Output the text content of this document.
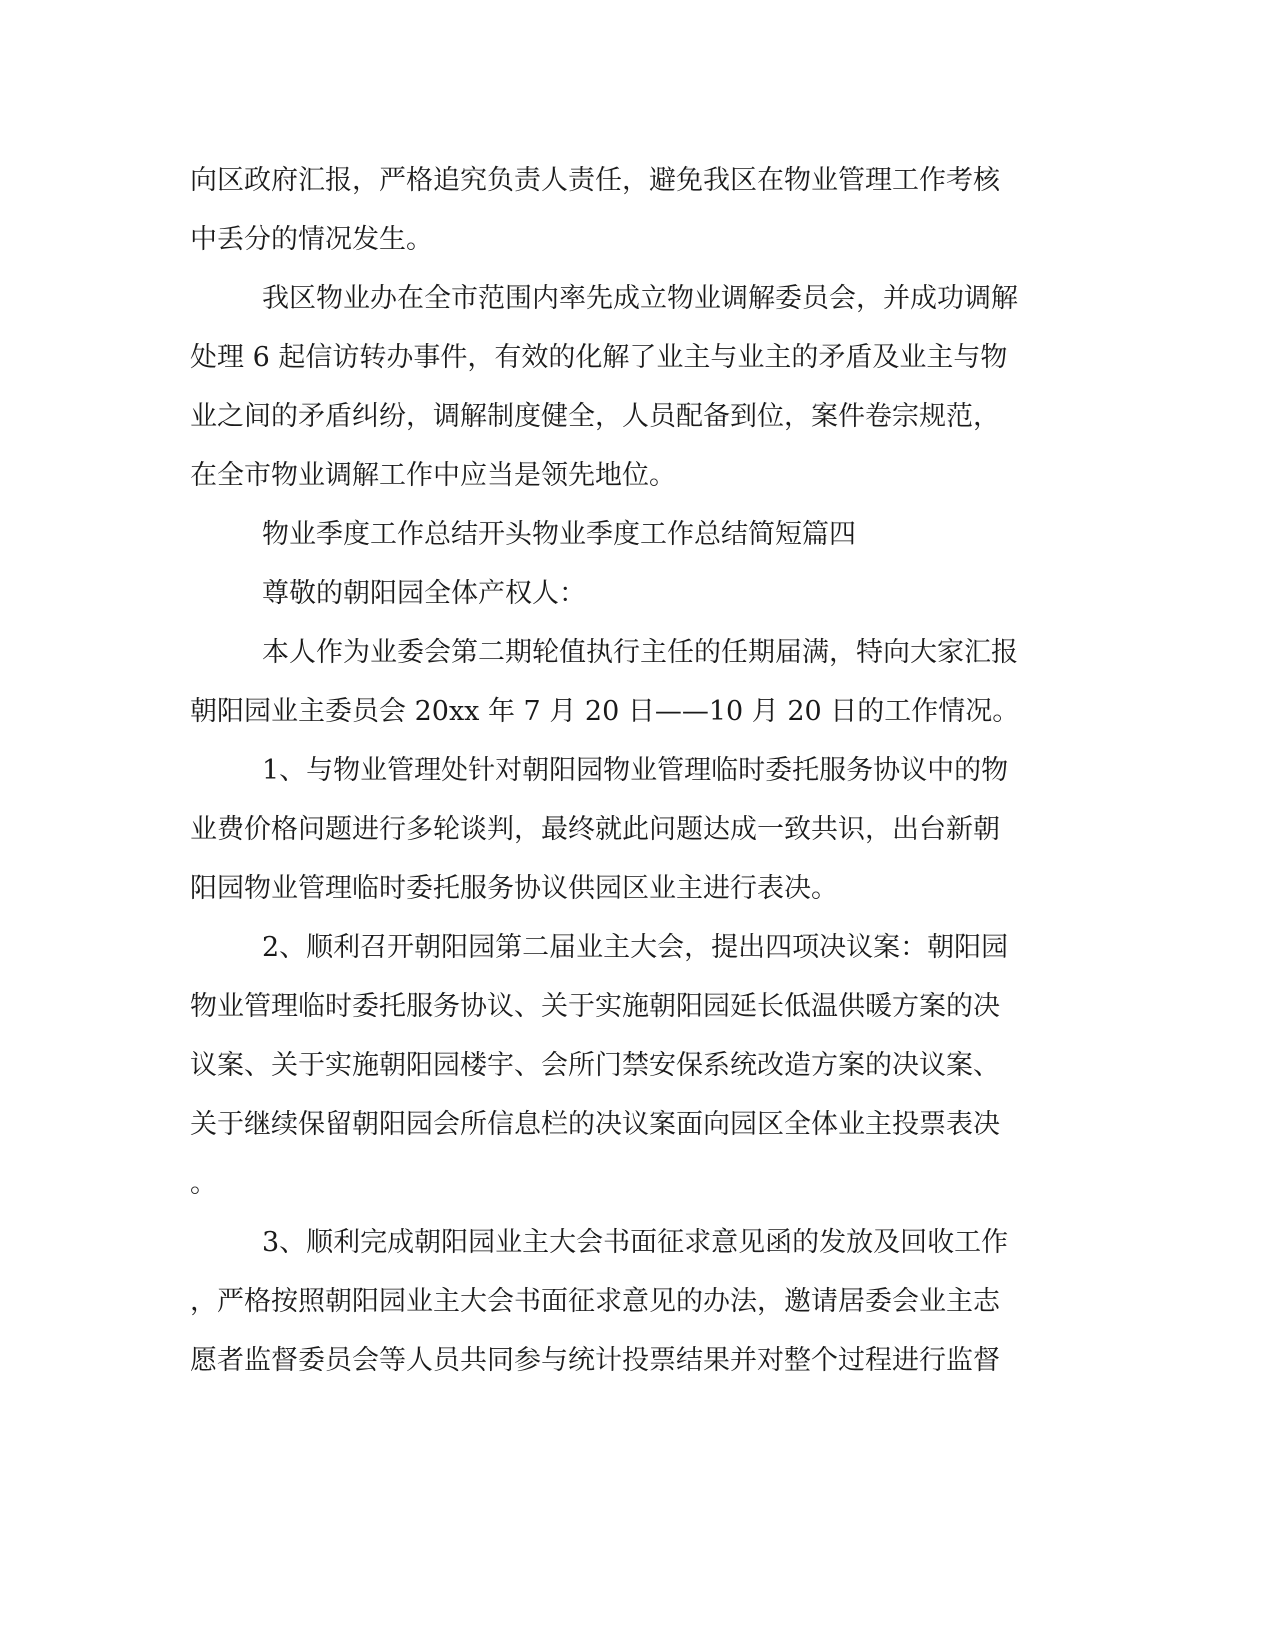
向区政府汇报，严格追究负责人责任，避免我区在物业管理工作考核

中丢分的情况发生。

我区物业办在全市范围内率先成立物业调解委员会，并成功调解

处理 6 起信访转办事件，有效的化解了业主与业主的矛盾及业主与物

业之间的矛盾纠纷，调解制度健全，人员配备到位，案件卷宗规范，

在全市物业调解工作中应当是领先地位。

物业季度工作总结开头物业季度工作总结简短篇四

尊敬的朝阳园全体产权人：

本人作为业委会第二期轮值执行主任的任期届满，特向大家汇报

朝阳园业主委员会 20xx 年 7 月 20 日——10 月 20 日的工作情况。

1、与物业管理处针对朝阳园物业管理临时委托服务协议中的物

业费价格问题进行多轮谈判，最终就此问题达成一致共识，出台新朝

阳园物业管理临时委托服务协议供园区业主进行表决。

2、顺利召开朝阳园第二届业主大会，提出四项决议案：朝阳园

物业管理临时委托服务协议、关于实施朝阳园延长低温供暖方案的决

议案、关于实施朝阳园楼宇、会所门禁安保系统改造方案的决议案、

关于继续保留朝阳园会所信息栏的决议案面向园区全体业主投票表决

。

3、顺利完成朝阳园业主大会书面征求意见函的发放及回收工作

，严格按照朝阳园业主大会书面征求意见的办法，邀请居委会业主志

愿者监督委员会等人员共同参与统计投票结果并对整个过程进行监督
